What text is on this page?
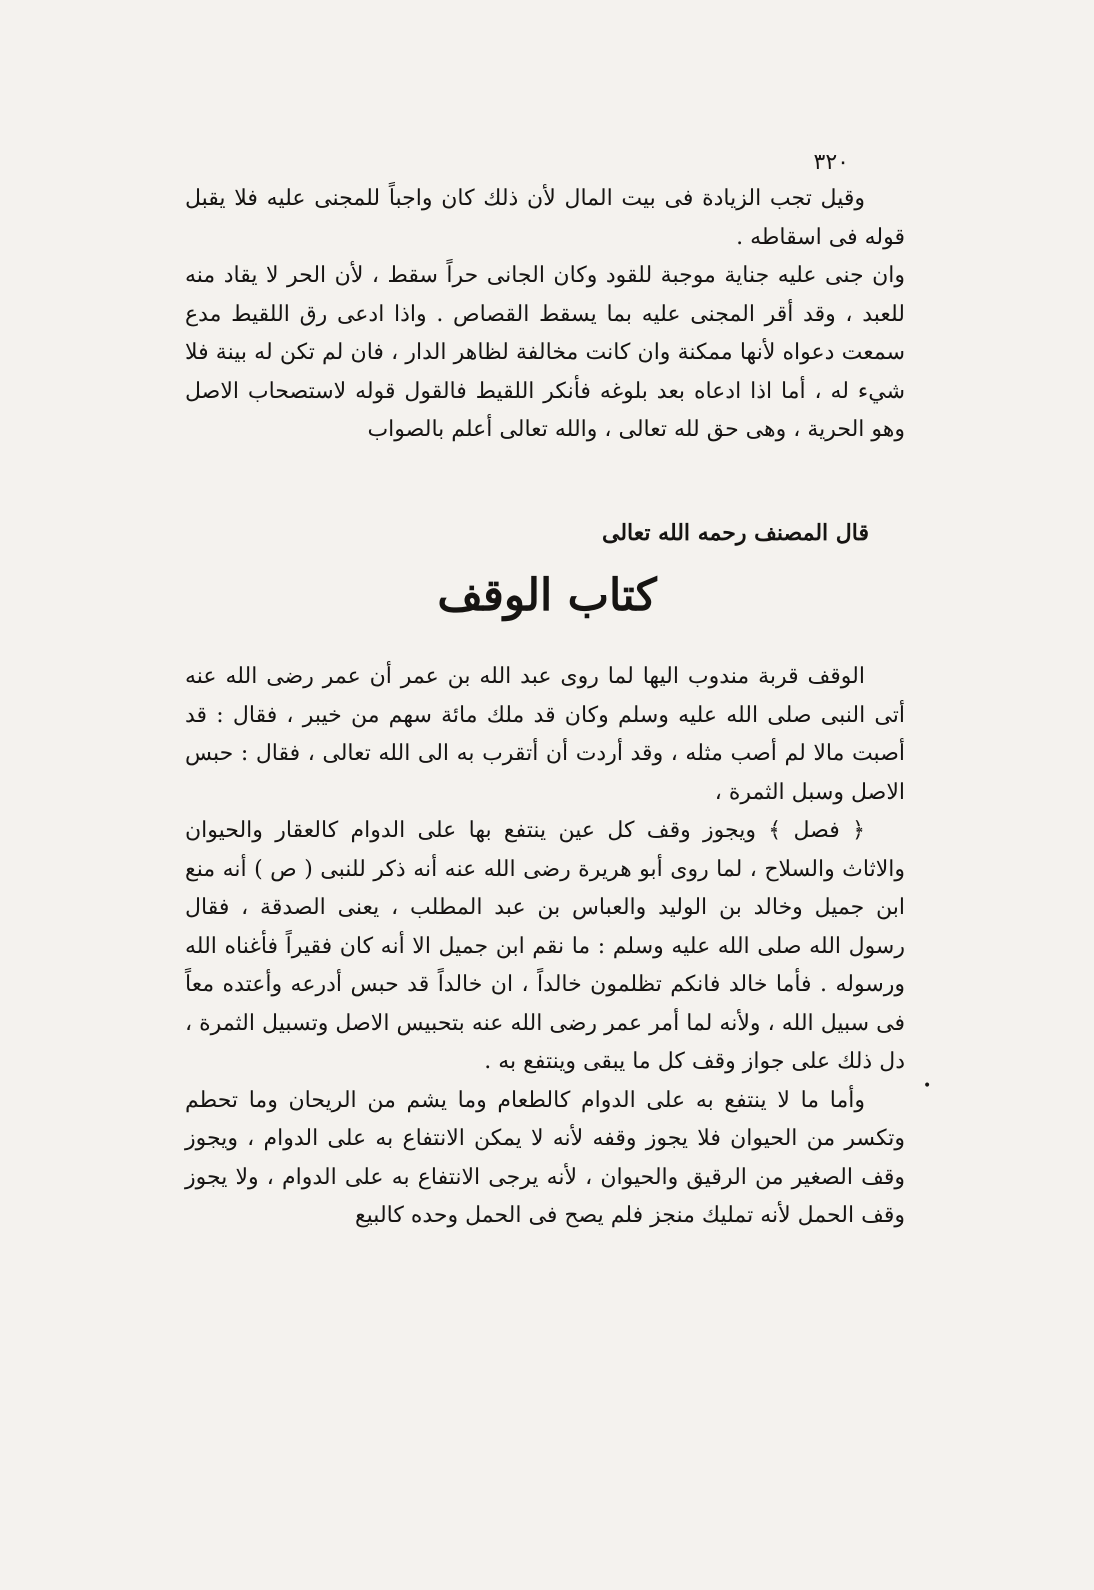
٣٢٠

وقيل تجب الزيادة فى بيت المال لأن ذلك كان واجباً للمجنى عليه فلا يقبل قوله فى اسقاطه .

وان جنى عليه جناية موجبة للقود وكان الجانى حراً سقط ، لأن الحر لا يقاد منه للعبد ، وقد أقر المجنى عليه بما يسقط القصاص . واذا ادعى رق اللقيط مدع سمعت دعواه لأنها ممكنة وان كانت مخالفة لظاهر الدار ، فان لم تكن له بينة فلا شيء له ، أما اذا ادعاه بعد بلوغه فأنكر اللقيط فالقول قوله لاستصحاب الاصل وهو الحرية ، وهى حق لله تعالى ، والله تعالى أعلم بالصواب

قال المصنف رحمه الله تعالى
كتاب الوقف

الوقف قربة مندوب اليها لما روى عبد الله بن عمر أن عمر رضى الله عنه أتى النبى صلى الله عليه وسلم وكان قد ملك مائة سهم من خيبر ، فقال : قد أصبت مالا لم أصب مثله ، وقد أردت أن أتقرب به الى الله تعالى ، فقال : حبس الاصل وسبل الثمرة ،

﴿ فصل ﴾ ويجوز وقف كل عين ينتفع بها على الدوام كالعقار والحيوان والاثاث والسلاح ، لما روى أبو هريرة رضى الله عنه أنه ذكر للنبى ( ص ) أنه منع ابن جميل وخالد بن الوليد والعباس بن عبد المطلب ، يعنى الصدقة ، فقال رسول الله صلى الله عليه وسلم : ما نقم ابن جميل الا أنه كان فقيراً فأغناه الله ورسوله . فأما خالد فانكم تظلمون خالداً ، ان خالداً قد حبس أدرعه وأعتده معاً فى سبيل الله ، ولأنه لما أمر عمر رضى الله عنه بتحبيس الاصل وتسبيل الثمرة ، دل ذلك على جواز وقف كل ما يبقى وينتفع به .

وأما ما لا ينتفع به على الدوام كالطعام وما يشم من الريحان وما تحطم وتكسر من الحيوان فلا يجوز وقفه لأنه لا يمكن الانتفاع به على الدوام ، ويجوز وقف الصغير من الرقيق والحيوان ، لأنه يرجى الانتفاع به على الدوام ، ولا يجوز وقف الحمل لأنه تمليك منجز فلم يصح فى الحمل وحده كالبيع

•
